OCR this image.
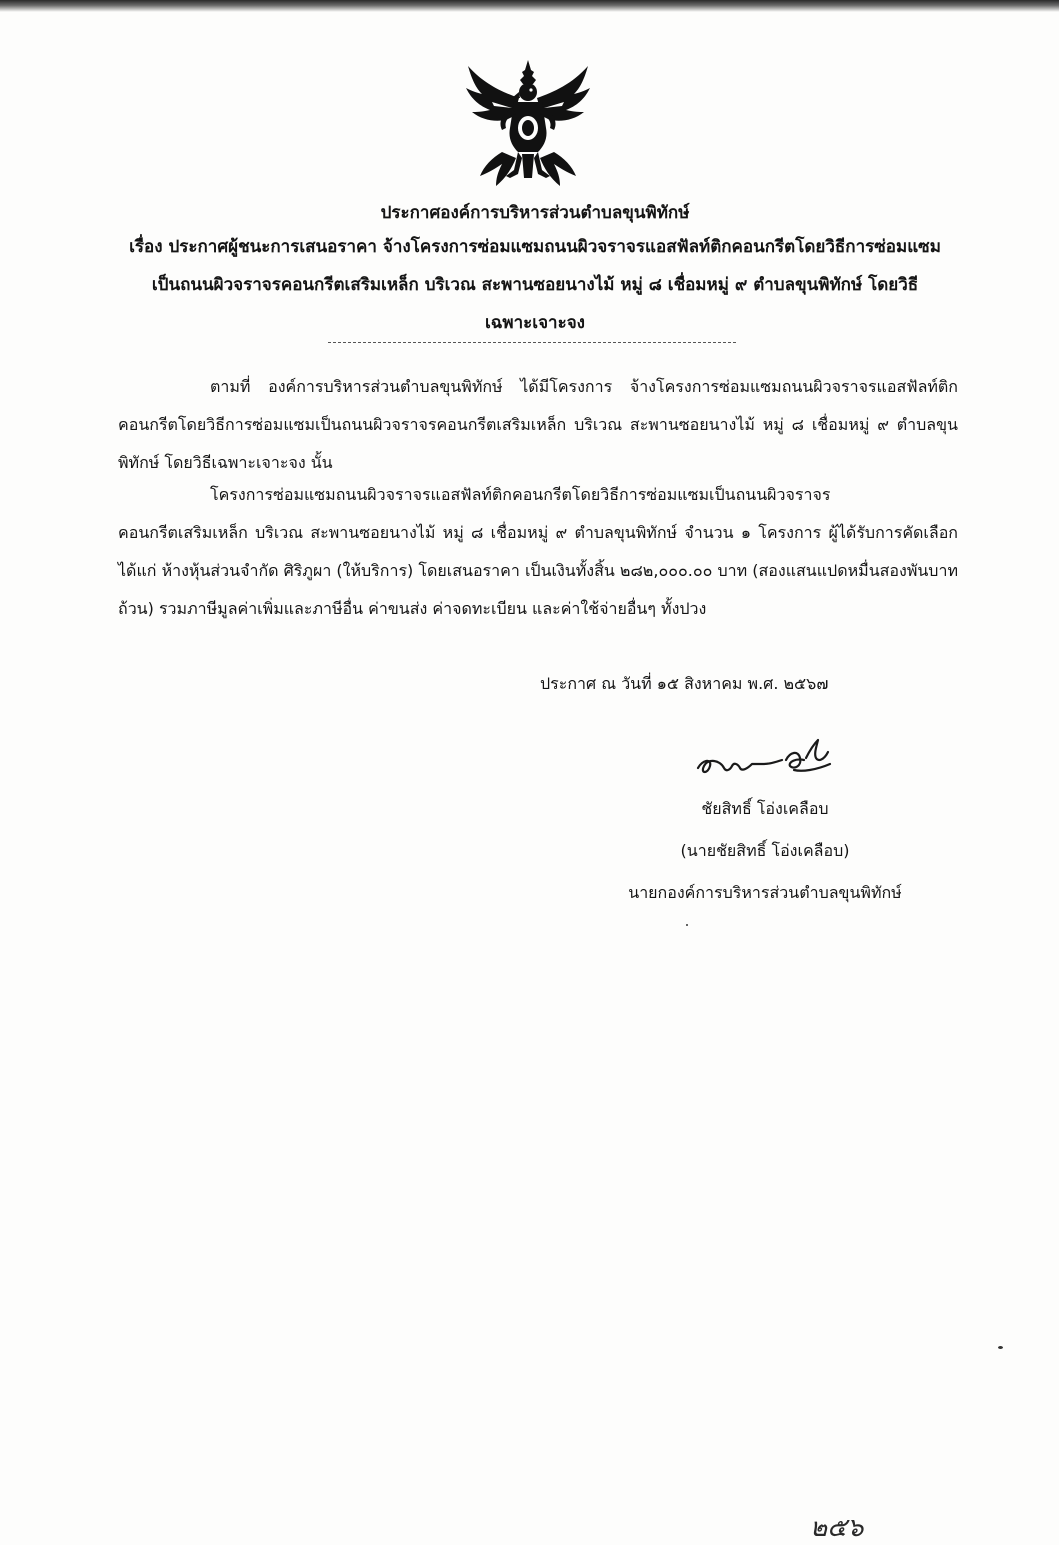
ประกาศองค์การบริหารส่วนตำบลขุนพิทักษ์
เรื่อง ประกาศผู้ชนะการเสนอราคา จ้างโครงการซ่อมแซมถนนผิวจราจรแอสฟัลท์ติกคอนกรีตโดยวิธีการซ่อมแซม
เป็นถนนผิวจราจรคอนกรีตเสริมเหล็ก บริเวณ สะพานซอยนางไม้ หมู่ ๘ เชื่อมหมู่ ๙ ตำบลขุนพิทักษ์ โดยวิธี
เฉพาะเจาะจง
ตามที่ องค์การบริหารส่วนตำบลขุนพิทักษ์ ได้มีโครงการ จ้างโครงการซ่อมแซมถนนผิวจราจรแอสฟัลท์ติกคอนกรีตโดยวิธีการซ่อมแซมเป็นถนนผิวจราจรคอนกรีตเสริมเหล็ก บริเวณ สะพานซอยนางไม้ หมู่ ๘ เชื่อมหมู่ ๙ ตำบลขุนพิทักษ์ โดยวิธีเฉพาะเจาะจง นั้น
โครงการซ่อมแซมถนนผิวจราจรแอสฟัลท์ติกคอนกรีตโดยวิธีการซ่อมแซมเป็นถนนผิวจราจรคอนกรีตเสริมเหล็ก บริเวณ สะพานซอยนางไม้ หมู่ ๘ เชื่อมหมู่ ๙ ตำบลขุนพิทักษ์ จำนวน ๑ โครงการ ผู้ได้รับการคัดเลือก ได้แก่ ห้างหุ้นส่วนจำกัด ศิริภูผา (ให้บริการ) โดยเสนอราคา เป็นเงินทั้งสิ้น ๒๘๒,๐๐๐.๐๐ บาท (สองแสนแปดหมื่นสองพันบาทถ้วน) รวมภาษีมูลค่าเพิ่มและภาษีอื่น ค่าขนส่ง ค่าจดทะเบียน และค่าใช้จ่ายอื่นๆ ทั้งปวง
ประกาศ ณ วันที่ ๑๕ สิงหาคม พ.ศ. ๒๕๖๗
ชัยสิทธิ์ โอ่งเคลือบ
(นายชัยสิทธิ์ โอ่งเคลือบ)
นายกองค์การบริหารส่วนตำบลขุนพิทักษ์
๒๕๖
